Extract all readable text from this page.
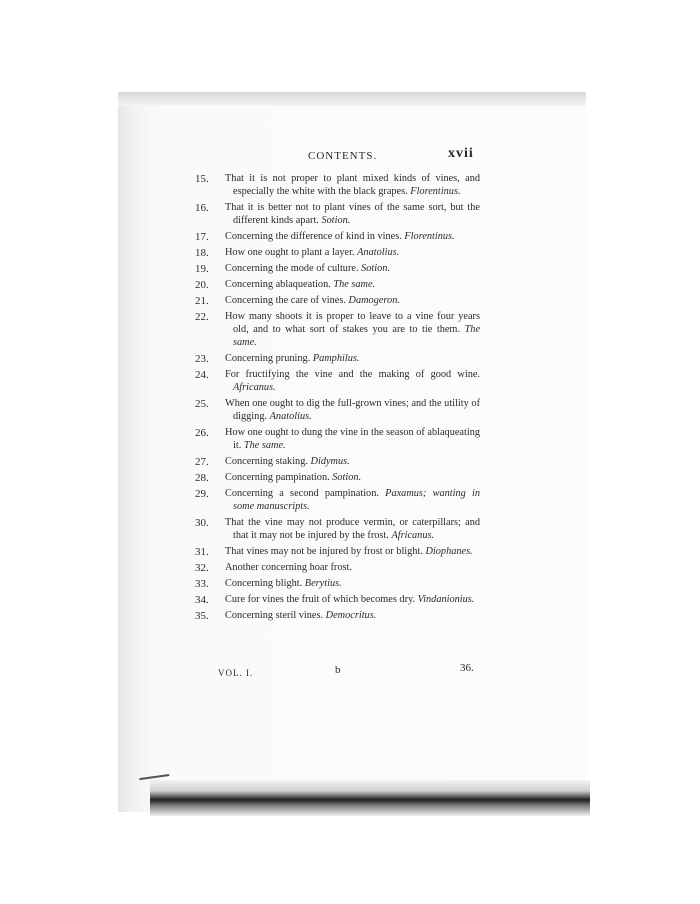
CONTENTS.	xvii
15.	That it is not proper to plant mixed kinds of vines, and especially the white with the black grapes. Florentinus.
16.	That it is better not to plant vines of the same sort, but the different kinds apart. Sotion.
17.	Concerning the difference of kind in vines. Florentinus.
18.	How one ought to plant a layer. Anatolius.
19.	Concerning the mode of culture. Sotion.
20.	Concerning ablaqueation. The same.
21.	Concerning the care of vines. Damogeron.
22.	How many shoots it is proper to leave to a vine four years old, and to what sort of stakes you are to tie them. The same.
23.	Concerning pruning. Pamphilus.
24.	For fructifying the vine and the making of good wine. Africanus.
25.	When one ought to dig the full-grown vines; and the utility of digging. Anatolius.
26.	How one ought to dung the vine in the season of ablaqueating it. The same.
27.	Concerning staking. Didymus.
28.	Concerning pampination. Sotion.
29.	Concerning a second pampination. Paxamus; wanting in some manuscripts.
30.	That the vine may not produce vermin, or caterpillars; and that it may not be injured by the frost. Africanus.
31.	That vines may not be injured by frost or blight. Diophanes.
32.	Another concerning hoar frost.
33.	Concerning blight. Berytius.
34.	Cure for vines the fruit of which becomes dry. Vindanionius.
35.	Concerning steril vines. Democritus.
VOL. I.	b	36.
